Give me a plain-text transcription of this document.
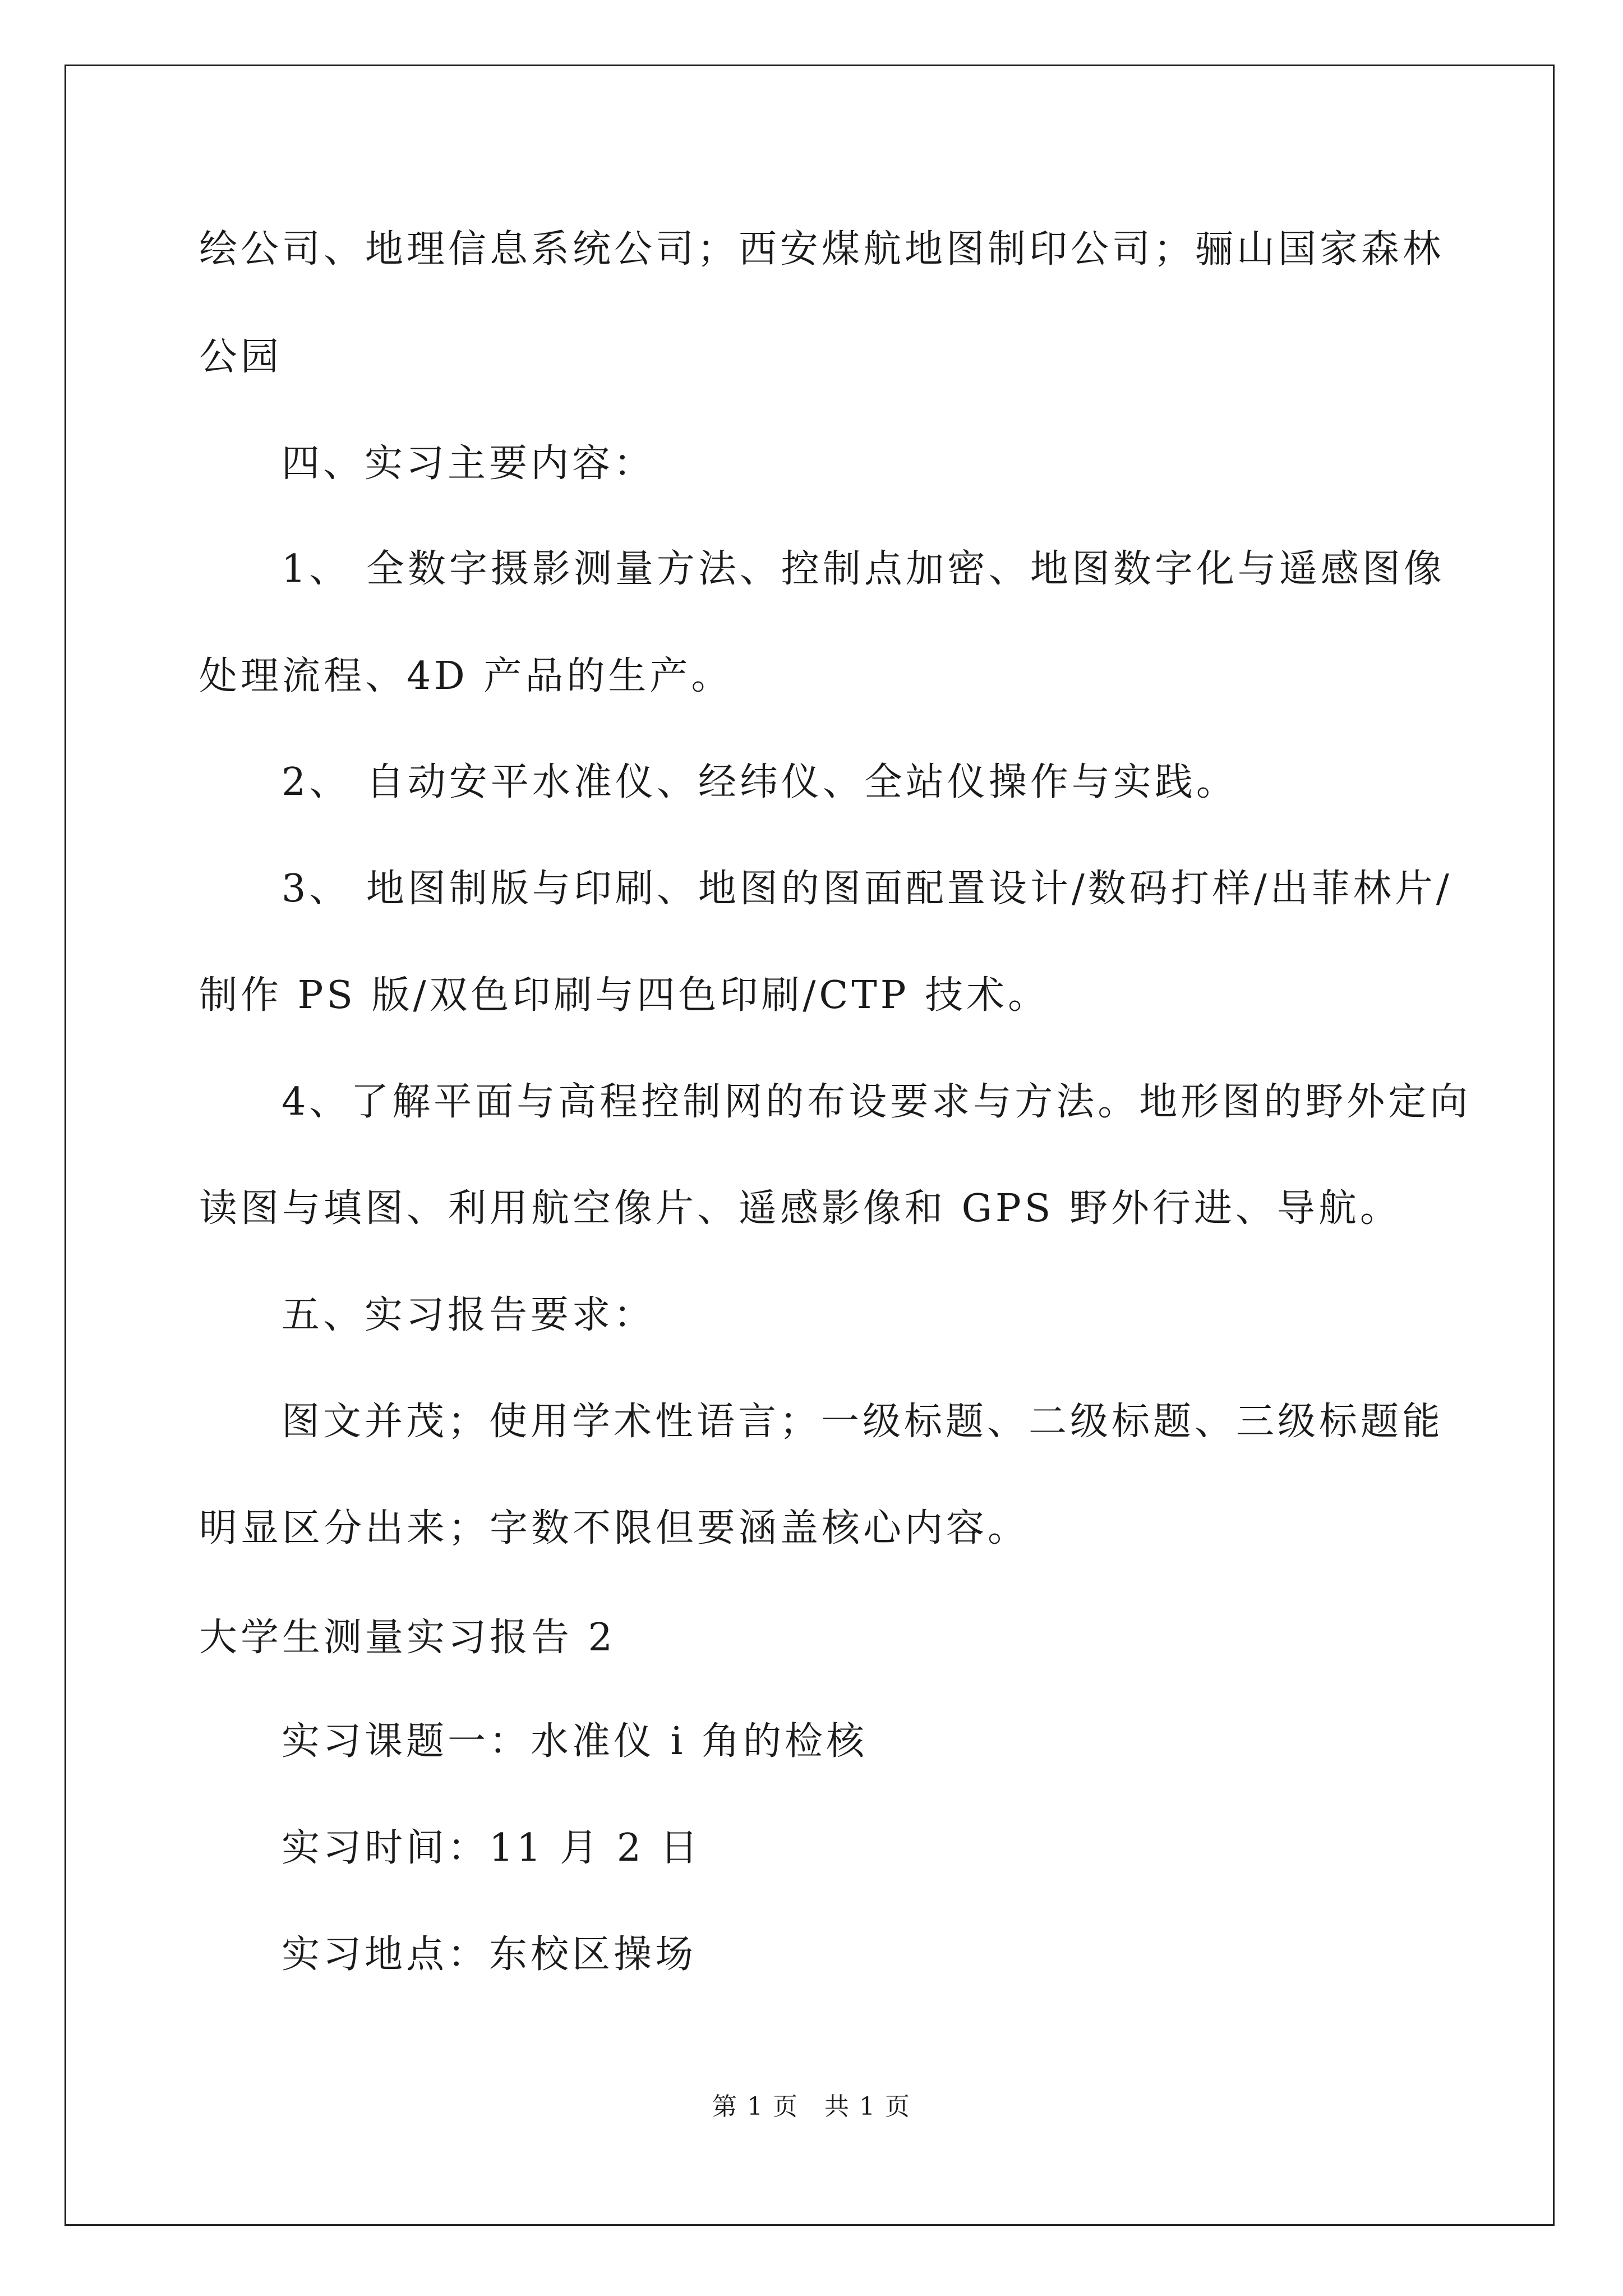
绘公司、地理信息系统公司；西安煤航地图制印公司；骊山国家森林
公园
四、实习主要内容：
1、 全数字摄影测量方法、控制点加密、地图数字化与遥感图像
处理流程、4D 产品的生产。
2、 自动安平水准仪、经纬仪、全站仪操作与实践。
3、 地图制版与印刷、地图的图面配置设计/数码打样/出菲林片/
制作 PS 版/双色印刷与四色印刷/CTP 技术。
4、了解平面与高程控制网的布设要求与方法。地形图的野外定向
读图与填图、利用航空像片、遥感影像和 GPS 野外行进、导航。
五、实习报告要求：
图文并茂；使用学术性语言；一级标题、二级标题、三级标题能
明显区分出来；字数不限但要涵盖核心内容。
大学生测量实习报告 2
实习课题一：水准仪 i 角的检核
实习时间：11 月 2 日
实习地点：东校区操场
第 1 页　共 1 页
